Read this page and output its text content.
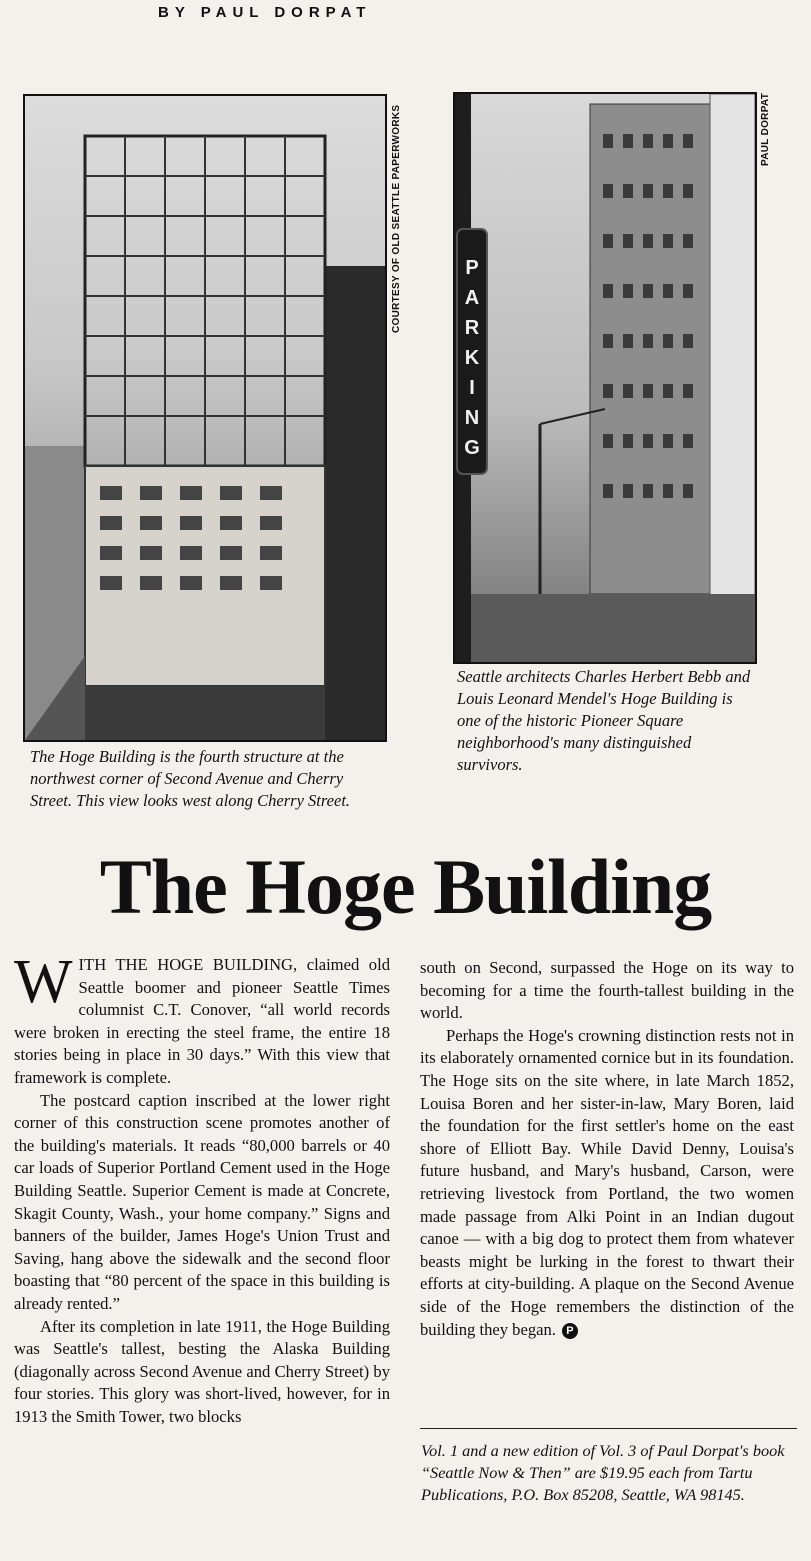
BY PAUL DORPAT

COURTESY OF OLD SEATTLE PAPERWORKS	P
A
R
K
I
N
G
PAUL DORPAT

The Hoge Building is the fourth structure at the northwest corner of Second Avenue and Cherry Street. This view looks west along Cherry Street.

Seattle architects Charles Herbert Bebb and Louis Leonard Mendel's Hoge Building is one of the historic Pioneer Square neighborhood's many distinguished survivors.

The Hoge Building

WITH THE HOGE BUILDING, claimed old Seattle boomer and pioneer Seattle Times columnist C.T. Conover, “all world records were broken in erecting the steel frame, the entire 18 stories being in place in 30 days.” With this view that framework is complete.

The postcard caption inscribed at the lower right corner of this construction scene promotes another of the building's materials. It reads “80,000 barrels or 40 car loads of Superior Portland Cement used in the Hoge Building Seattle. Superior Cement is made at Concrete, Skagit County, Wash., your home company.” Signs and banners of the builder, James Hoge's Union Trust and Saving, hang above the sidewalk and the second floor boasting that “80 percent of the space in this building is already rented.”

After its completion in late 1911, the Hoge Building was Seattle's tallest, besting the Alaska Building (diagonally across Second Avenue and Cherry Street) by four stories. This glory was short-lived, however, for in 1913 the Smith Tower, two blocks

south on Second, surpassed the Hoge on its way to becoming for a time the fourth-tallest building in the world.

Perhaps the Hoge's crowning distinction rests not in its elaborately ornamented cornice but in its foundation. The Hoge sits on the site where, in late March 1852, Louisa Boren and her sister-in-law, Mary Boren, laid the foundation for the first settler's home on the east shore of Elliott Bay. While David Denny, Louisa's future husband, and Mary's husband, Carson, were retrieving livestock from Portland, the two women made passage from Alki Point in an Indian dugout canoe — with a big dog to protect them from whatever beasts might be lurking in the forest to thwart their efforts at city-building. A plaque on the Second Avenue side of the Hoge remembers the distinction of the building they began. P

Vol. 1 and a new edition of Vol. 3 of Paul Dorpat's book “Seattle Now & Then” are $19.95 each from Tartu Publications, P.O. Box 85208, Seattle, WA 98145.
